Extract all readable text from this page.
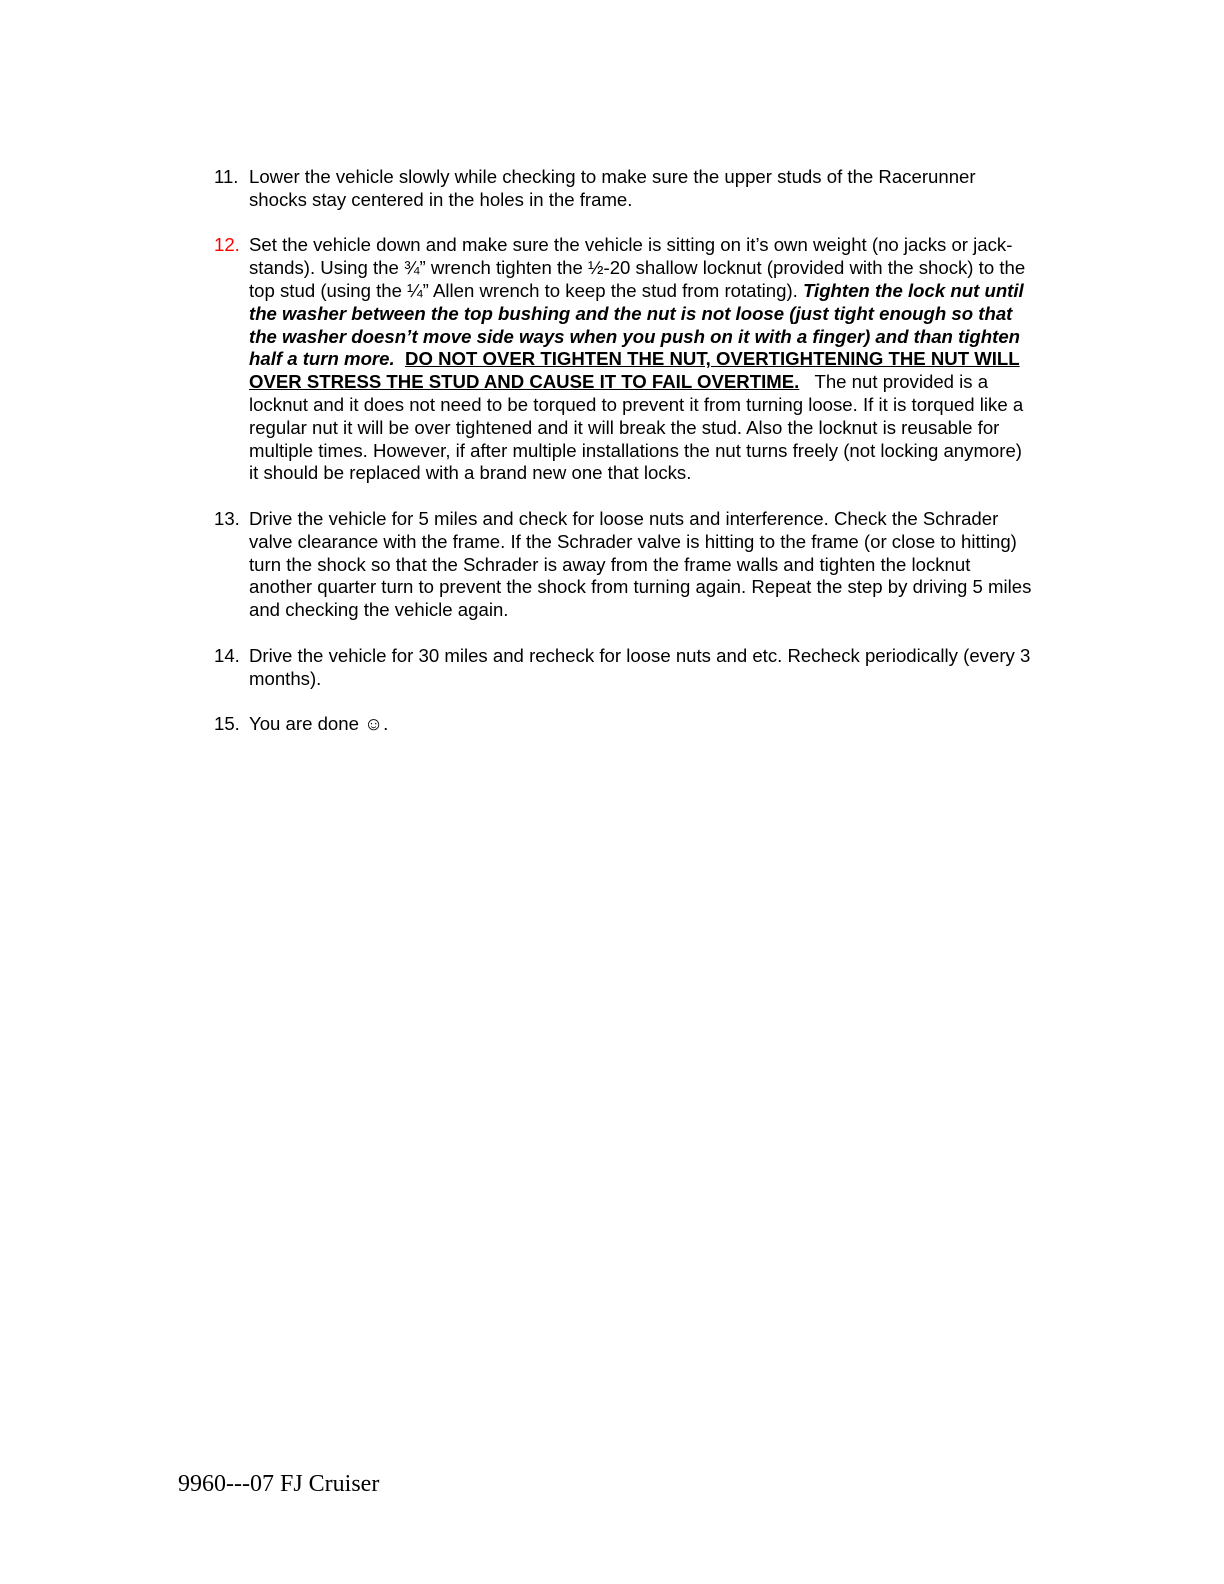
11. Lower the vehicle slowly while checking to make sure the upper studs of the Racerunner shocks stay centered in the holes in the frame.
12. Set the vehicle down and make sure the vehicle is sitting on it’s own weight (no jacks or jack-stands). Using the ¾” wrench tighten the ½-20 shallow locknut (provided with the shock) to the top stud (using the ¼” Allen wrench to keep the stud from rotating). Tighten the lock nut until the washer between the top bushing and the nut is not loose (just tight enough so that the washer doesn’t move side ways when you push on it with a finger) and than tighten half a turn more. DO NOT OVER TIGHTEN THE NUT, OVERTIGHTENING THE NUT WILL OVER STRESS THE STUD AND CAUSE IT TO FAIL OVERTIME. The nut provided is a locknut and it does not need to be torqued to prevent it from turning loose. If it is torqued like a regular nut it will be over tightened and it will break the stud. Also the locknut is reusable for multiple times. However, if after multiple installations the nut turns freely (not locking anymore) it should be replaced with a brand new one that locks.
13. Drive the vehicle for 5 miles and check for loose nuts and interference. Check the Schrader valve clearance with the frame. If the Schrader valve is hitting to the frame (or close to hitting) turn the shock so that the Schrader is away from the frame walls and tighten the locknut another quarter turn to prevent the shock from turning again. Repeat the step by driving 5 miles and checking the vehicle again.
14. Drive the vehicle for 30 miles and recheck for loose nuts and etc. Recheck periodically (every 3 months).
15. You are done ☺.
9960---07 FJ Cruiser
